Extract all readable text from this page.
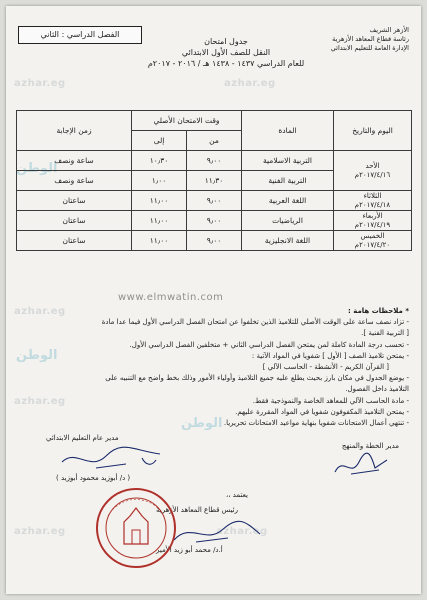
azhar.eg	azhar.eg
azhar.eg
azhar.eg
azhar.eg	azhar.eg
الوطن
الوطن
الوطن
الفصل الدراسي : الثاني	الأزهر الشريف
رئاسة قطاع المعاهد الأزهرية
الإدارة العامة للتعليم الابتدائي
جدول امتحان
النقل للصف الأول الابتدائي
للعام الدراسي ١٤٣٧ - ١٤٣٨ هـ / ٢٠١٦ - ٢٠١٧م
اليوم والتاريخ	المادة	وقت الامتحان الأصلي		زمن الإجابة
		من	إلى	

الأحد
٢٠١٧/٤/١٦م	التربية الاسلامية	٩٫٠٠	١٠٫٣٠	ساعة ونصف
	التربية الفنية	١١٫٣٠	١٫٠٠	ساعة ونصف

الثلاثاء
٢٠١٧/٤/١٨م	اللغة العربية	٩٫٠٠	١١٫٠٠	ساعتان

الأربعاء
٢٠١٧/٤/١٩م	الرياضيات	٩٫٠٠	١١٫٠٠	ساعتان

الخميس
٢٠١٧/٤/٢٠م	اللغة الانجليزية	٩٫٠٠	١١٫٠٠	ساعتان
www.elmwatin.com
* ملاحظات هامة :
- تزاد نصف ساعة على الوقت الأصلي للتلاميذ الذين تخلفوا عن امتحان الفصل الدراسي الأول فيما عدا مادة
[ التربية الفنية ].
- تحسب درجة المادة كاملة لمن يمتحن الفصل الدراسي الثاني + متخلفين الفصل الدراسي الأول.
- يمتحن تلاميذ الصف [ الأول ] شفويا في المواد الآتية :
[ القرآن الكريم - الأنشطة - الحاسب الآلي ]
- يوضع الجدول في مكان بارز بحيث يطلع عليه جميع التلاميذ وأولياء الأمور وذلك بخط واضح مع التنبيه على
التلاميذ داخل الفصول.
- مادة الحاسب الآلي للمعاهد الخاصة والنموذجية فقط.
- يمتحن التلاميذ المكفوفون شفويا في المواد المقررة عليهم.
- تنتهي أعمال الامتحانات شفويا بنهاية مواعيد الامتحانات تحريريا.
مدير الخطة والمنهج
مدير عام التعليم الابتدائي
( د/ أبوزيد محمود أبوزيد )
يعتمد ،،
رئيس قطاع المعاهد الأزهرية
أ.د/ محمد أبو زيد الأمير
